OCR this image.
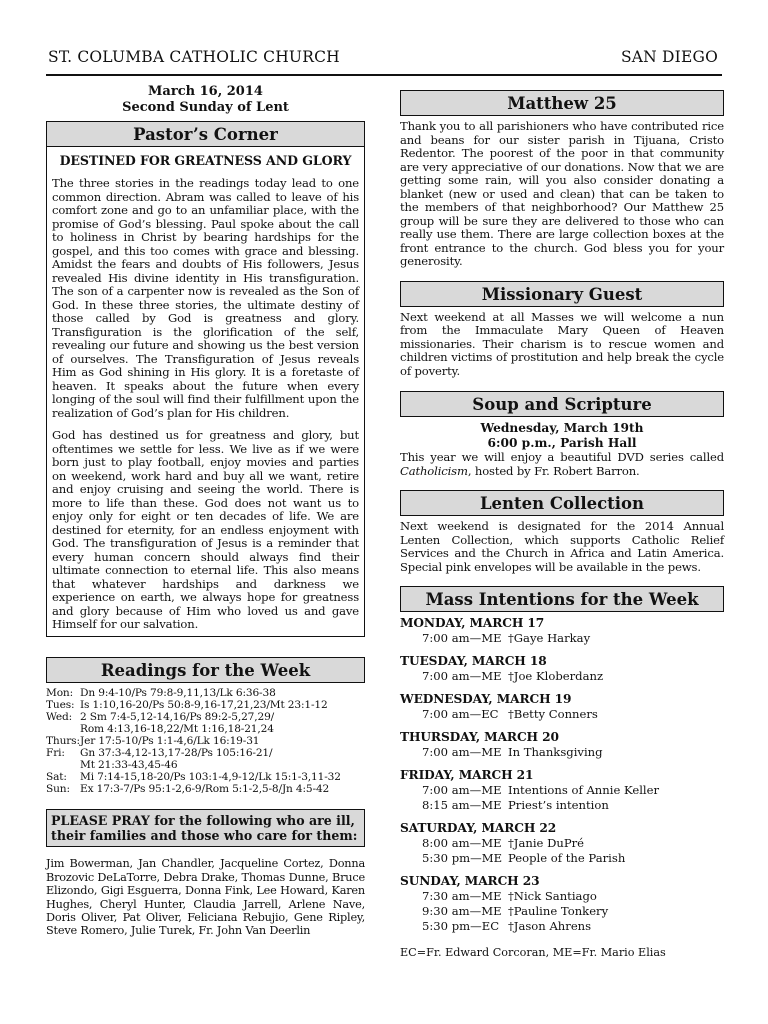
ST. COLUMBA CATHOLIC CHURCH	SAN DIEGO
March 16, 2014
Second Sunday of Lent
Pastor’s Corner
DESTINED FOR GREATNESS AND GLORY

The three stories in the readings today lead to one common direction. Abram was called to leave of his comfort zone and go to an unfamiliar place, with the promise of God’s blessing. Paul spoke about the call to holiness in Christ by bearing hardships for the gospel, and this too comes with grace and blessing. Amidst the fears and doubts of His followers, Jesus revealed His divine identity in His transfiguration. The son of a carpenter now is revealed as the Son of God. In these three stories, the ultimate destiny of those called by God is greatness and glory. Transfiguration is the glorification of the self, revealing our future and showing us the best version of ourselves. The Transfiguration of Jesus reveals Him as God shining in His glory. It is a foretaste of heaven. It speaks about the future when every longing of the soul will find their fulfillment upon the realization of God’s plan for His children.

God has destined us for greatness and glory, but oftentimes we settle for less. We live as if we were born just to play football, enjoy movies and parties on weekend, work hard and buy all we want, retire and enjoy cruising and seeing the world. There is more to life than these. God does not want us to enjoy only for eight or ten decades of life. We are destined for eternity, for an endless enjoyment with God. The transfiguration of Jesus is a reminder that every human concern should always find their ultimate connection to eternal life. This also means that whatever hardships and darkness we experience on earth, we always hope for greatness and glory because of Him who loved us and gave Himself for our salvation.

Readings for the Week
Mon: Dn 9:4-10/Ps 79:8-9,11,13/Lk 6:36-38
Tues: Is 1:10,16-20/Ps 50:8-9,16-17,21,23/Mt 23:1-12
Wed: 2 Sm 7:4-5,12-14,16/Ps 89:2-5,27,29/
Rom 4:13,16-18,22/Mt 1:16,18-21,24
Thurs: Jer 17:5-10/Ps 1:1-4,6/Lk 16:19-31
Fri:	Gn 37:3-4,12-13,17-28/Ps 105:16-21/
Mt 21:33-43,45-46
Sat:	Mi 7:14-15,18-20/Ps 103:1-4,9-12/Lk 15:1-3,11-32
Sun: Ex 17:3-7/Ps 95:1-2,6-9/Rom 5:1-2,5-8/Jn 4:5-42
PLEASE PRAY for the following who are ill, their families and those who care for them:
Jim Bowerman, Jan Chandler, Jacqueline Cortez, Donna Brozovic DeLaTorre, Debra Drake, Thomas Dunne, Bruce Elizondo, Gigi Esguerra, Donna Fink, Lee Howard, Karen Hughes, Cheryl Hunter, Claudia Jarrell, Arlene Nave, Doris Oliver, Pat Oliver, Feliciana Rebujio, Gene Ripley, Steve Romero, Julie Turek, Fr. John Van Deerlin
Matthew 25

Thank you to all parishioners who have contributed rice and beans for our sister parish in Tijuana, Cristo Redentor. The poorest of the poor in that community are very appreciative of our donations. Now that we are getting some rain, will you also consider donating a blanket (new or used and clean) that can be taken to the members of that neighborhood? Our Matthew 25 group will be sure they are delivered to those who can really use them. There are large collection boxes at the front entrance to the church. God bless you for your generosity.

Missionary Guest

Next weekend at all Masses we will welcome a nun from the Immaculate Mary Queen of Heaven missionaries. Their charism is to rescue women and children victims of prostitution and help break the cycle of poverty.

Soup and Scripture
Wednesday, March 19th
6:00 p.m., Parish Hall

This year we will enjoy a beautiful DVD series called Catholicism, hosted by Fr. Robert Barron.

Lenten Collection

Next weekend is designated for the 2014 Annual Lenten Collection, which supports Catholic Relief Services and the Church in Africa and Latin America. Special pink envelopes will be available in the pews.

Mass Intentions for the Week
MONDAY, MARCH 17
7:00 am—ME †Gaye Harkay
TUESDAY, MARCH 18
7:00 am—ME †Joe Kloberdanz
WEDNESDAY, MARCH 19
7:00 am—EC †Betty Conners
THURSDAY, MARCH 20
7:00 am—ME In Thanksgiving
FRIDAY, MARCH 21
7:00 am—ME Intentions of Annie Keller
8:15 am—ME Priest’s intention
SATURDAY, MARCH 22
8:00 am—ME †Janie DuPré
5:30 pm—ME People of the Parish
SUNDAY, MARCH 23
7:30 am—ME †Nick Santiago
9:30 am—ME †Pauline Tonkery
5:30 pm—EC †Jason Ahrens
EC=Fr. Edward Corcoran, ME=Fr. Mario Elias
